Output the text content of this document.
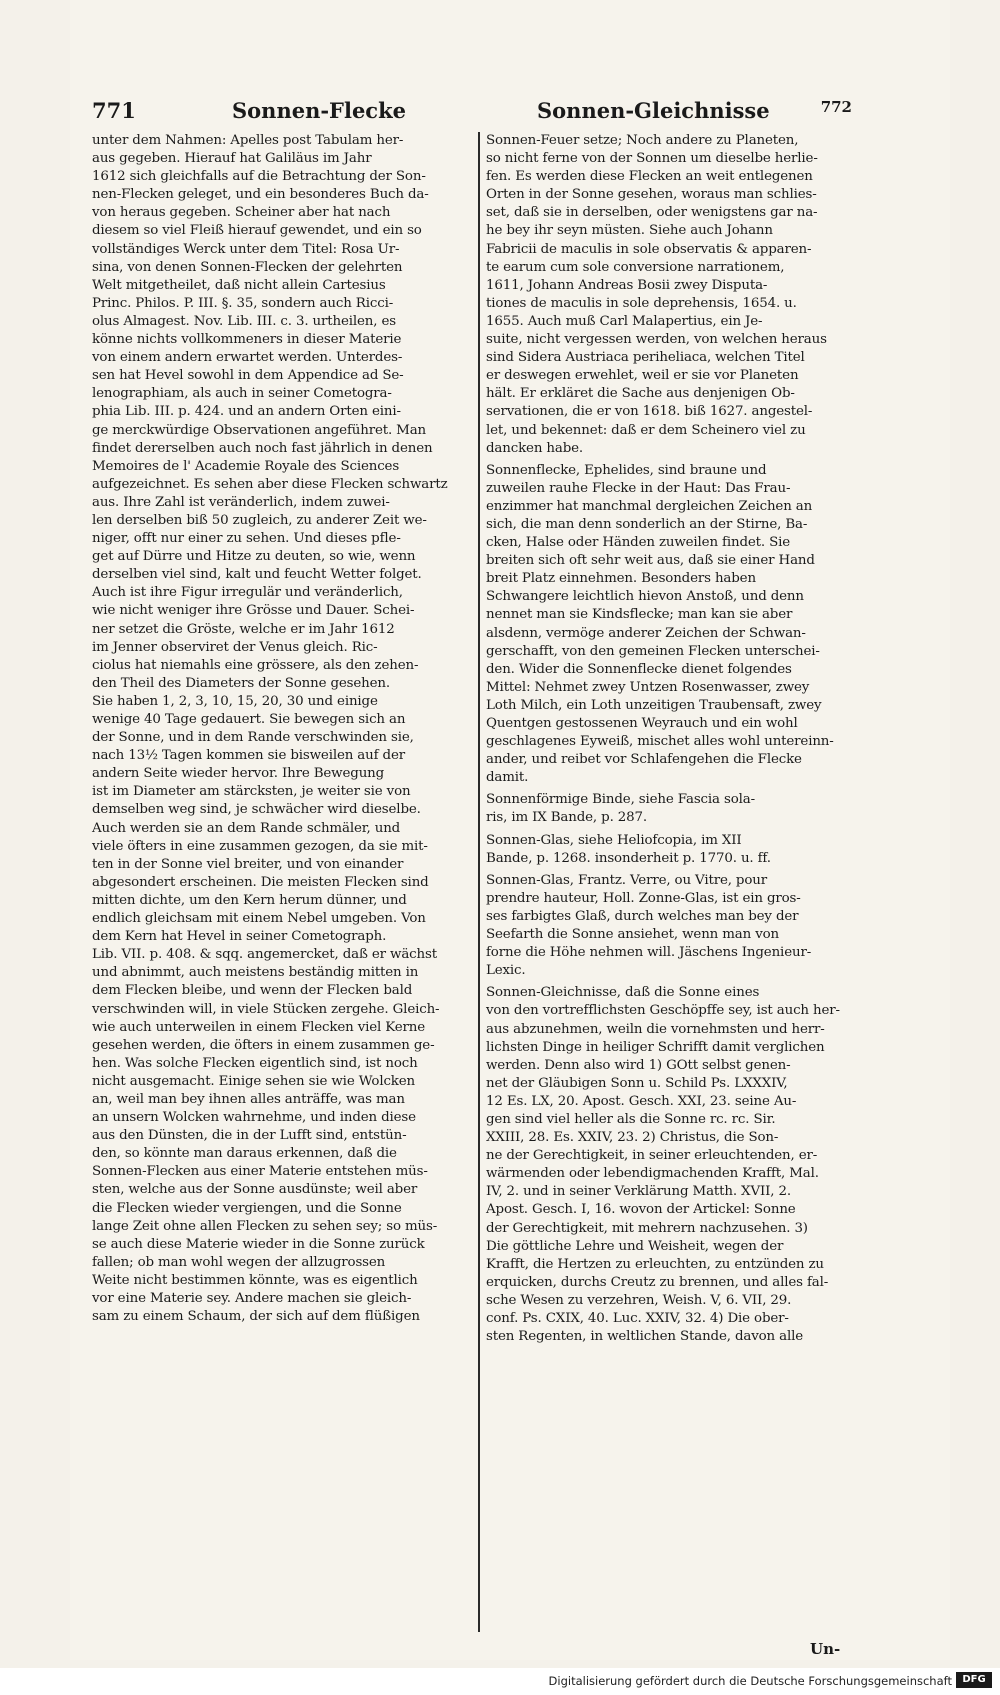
771	Sonnen-Flecke	Sonnen-Gleichnisse	772

unter dem Nahmen: Apelles post Tabulam her-
aus gegeben. Hierauf hat Galiläus im Jahr
1612 sich gleichfalls auf die Betrachtung der Son-
nen-Flecken geleget, und ein besonderes Buch da-
von heraus gegeben. Scheiner aber hat nach
diesem so viel Fleiß hierauf gewendet, und ein so
vollständiges Werck unter dem Titel: Rosa Ur-
sina, von denen Sonnen-Flecken der gelehrten
Welt mitgetheilet, daß nicht allein Cartesius
Princ. Philos. P. III. §. 35, sondern auch Ricci-
olus Almagest. Nov. Lib. III. c. 3. urtheilen, es
könne nichts vollkommeners in dieser Materie
von einem andern erwartet werden. Unterdes-
sen hat Hevel sowohl in dem Appendice ad Se-
lenographiam, als auch in seiner Cometogra-
phia Lib. III. p. 424. und an andern Orten eini-
ge merckwürdige Observationen angeführet. Man
findet dererselben auch noch fast jährlich in denen
Memoires de l' Academie Royale des Sciences
aufgezeichnet. Es sehen aber diese Flecken schwartz
aus. Ihre Zahl ist veränderlich, indem zuwei-
len derselben biß 50 zugleich, zu anderer Zeit we-
niger, offt nur einer zu sehen. Und dieses pfle-
get auf Dürre und Hitze zu deuten, so wie, wenn
derselben viel sind, kalt und feucht Wetter folget.
Auch ist ihre Figur irregulär und veränderlich,
wie nicht weniger ihre Grösse und Dauer. Schei-
ner setzet die Gröste, welche er im Jahr 1612
im Jenner observiret der Venus gleich. Ric-
ciolus hat niemahls eine grössere, als den zehen-
den Theil des Diameters der Sonne gesehen.
Sie haben 1, 2, 3, 10, 15, 20, 30 und einige
wenige 40 Tage gedauert. Sie bewegen sich an
der Sonne, und in dem Rande verschwinden sie,
nach 13½ Tagen kommen sie bisweilen auf der
andern Seite wieder hervor. Ihre Bewegung
ist im Diameter am stärcksten, je weiter sie von
demselben weg sind, je schwächer wird dieselbe.
Auch werden sie an dem Rande schmäler, und
viele öfters in eine zusammen gezogen, da sie mit-
ten in der Sonne viel breiter, und von einander
abgesondert erscheinen. Die meisten Flecken sind
mitten dichte, um den Kern herum dünner, und
endlich gleichsam mit einem Nebel umgeben. Von
dem Kern hat Hevel in seiner Cometograph.
Lib. VII. p. 408. & sqq. angemercket, daß er wächst
und abnimmt, auch meistens beständig mitten in
dem Flecken bleibe, und wenn der Flecken bald
verschwinden will, in viele Stücken zergehe. Gleich-
wie auch unterweilen in einem Flecken viel Kerne
gesehen werden, die öfters in einem zusammen ge-
hen. Was solche Flecken eigentlich sind, ist noch
nicht ausgemacht. Einige sehen sie wie Wolcken
an, weil man bey ihnen alles anträffe, was man
an unsern Wolcken wahrnehme, und inden diese
aus den Dünsten, die in der Lufft sind, entstün-
den, so könnte man daraus erkennen, daß die
Sonnen-Flecken aus einer Materie entstehen müs-
sten, welche aus der Sonne ausdünste; weil aber
die Flecken wieder vergiengen, und die Sonne
lange Zeit ohne allen Flecken zu sehen sey; so müs-
se auch diese Materie wieder in die Sonne zurück
fallen; ob man wohl wegen der allzugrossen
Weite nicht bestimmen könnte, was es eigentlich
vor eine Materie sey. Andere machen sie gleich-
sam zu einem Schaum, der sich auf dem flüßigen

Sonnen-Feuer setze; Noch andere zu Planeten,
so nicht ferne von der Sonnen um dieselbe herlie-
fen. Es werden diese Flecken an weit entlegenen
Orten in der Sonne gesehen, woraus man schlies-
set, daß sie in derselben, oder wenigstens gar na-
he bey ihr seyn müsten. Siehe auch Johann
Fabricii de maculis in sole observatis & apparen-
te earum cum sole conversione narrationem,
1611, Johann Andreas Bosii zwey Disputa-
tiones de maculis in sole deprehensis, 1654. u.
1655. Auch muß Carl Malapertius, ein Je-
suite, nicht vergessen werden, von welchen heraus
sind Sidera Austriaca periheliaca, welchen Titel
er deswegen erwehlet, weil er sie vor Planeten
hält. Er erkläret die Sache aus denjenigen Ob-
servationen, die er von 1618. biß 1627. angestel-
let, und bekennet: daß er dem Scheinero viel zu
dancken habe.

Sonnenflecke, Ephelides, sind braune und
zuweilen rauhe Flecke in der Haut: Das Frau-
enzimmer hat manchmal dergleichen Zeichen an
sich, die man denn sonderlich an der Stirne, Ba-
cken, Halse oder Händen zuweilen findet. Sie
breiten sich oft sehr weit aus, daß sie einer Hand
breit Platz einnehmen. Besonders haben
Schwangere leichtlich hievon Anstoß, und denn
nennet man sie Kindsflecke; man kan sie aber
alsdenn, vermöge anderer Zeichen der Schwan-
gerschafft, von den gemeinen Flecken unterschei-
den. Wider die Sonnenflecke dienet folgendes
Mittel: Nehmet zwey Untzen Rosenwasser, zwey
Loth Milch, ein Loth unzeitigen Traubensaft, zwey
Quentgen gestossenen Weyrauch und ein wohl
geschlagenes Eyweiß, mischet alles wohl untereinn-
ander, und reibet vor Schlafengehen die Flecke
damit.

Sonnenförmige Binde, siehe Fascia sola-
ris, im IX Bande, p. 287.

Sonnen-Glas, siehe Heliofcopia, im XII
Bande, p. 1268. insonderheit p. 1770. u. ff.

Sonnen-Glas, Frantz. Verre, ou Vitre, pour
prendre hauteur, Holl. Zonne-Glas, ist ein gros-
ses farbigtes Glaß, durch welches man bey der
Seefarth die Sonne ansiehet, wenn man von
forne die Höhe nehmen will. Jäschens Ingenieur-
Lexic.

Sonnen-Gleichnisse, daß die Sonne eines
von den vortrefflichsten Geschöpffe sey, ist auch her-
aus abzunehmen, weiln die vornehmsten und herr-
lichsten Dinge in heiliger Schrifft damit verglichen
werden. Denn also wird 1) GOtt selbst genen-
net der Gläubigen Sonn u. Schild Ps. LXXXIV,
12 Es. LX, 20. Apost. Gesch. XXI, 23. seine Au-
gen sind viel heller als die Sonne rc. rc. Sir.
XXIII, 28. Es. XXIV, 23. 2) Christus, die Son-
ne der Gerechtigkeit, in seiner erleuchtenden, er-
wärmenden oder lebendigmachenden Krafft, Mal.
IV, 2. und in seiner Verklärung Matth. XVII, 2.
Apost. Gesch. I, 16. wovon der Artickel: Sonne
der Gerechtigkeit, mit mehrern nachzusehen. 3)
Die göttliche Lehre und Weisheit, wegen der
Krafft, die Hertzen zu erleuchten, zu entzünden zu
erquicken, durchs Creutz zu brennen, und alles fal-
sche Wesen zu verzehren, Weish. V, 6. VII, 29.
conf. Ps. CXIX, 40. Luc. XXIV, 32. 4) Die ober-
sten Regenten, in weltlichen Stande, davon alle

Un-
Digitalisierung gefördert durch die Deutsche Forschungsgemeinschaft	DFG
